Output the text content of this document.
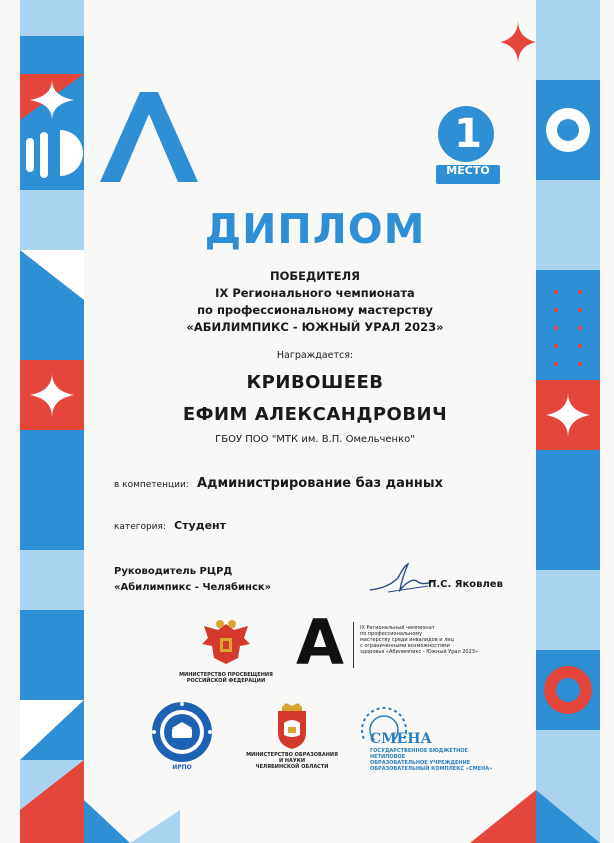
1
МЕСТО
ДИПЛОМ
ПОБЕДИТЕЛЯ
IX Регионального чемпионата
по профессиональному мастерству
«АБИЛИМПИКС - ЮЖНЫЙ УРАЛ 2023»
Награждается:
КРИВОШЕЕВ
ЕФИМ АЛЕКСАНДРОВИЧ
ГБОУ ПОО "МТК им. В.П. Омельченко"
в компетенции: Администрирование баз данных
категория: Студент
Руководитель РЦРД
«Абилимпикс - Челябинск»	П.С. Яковлев
МИНИСТЕРСТВО ПРОСВЕЩЕНИЯ
РОССИЙСКОЙ ФЕДЕРАЦИИ
A	IX Региональный чемпионат
по профессиональному
мастерству среди инвалидов и лиц
с ограниченными возможностями
здоровья «Абилимпикс - Южный Урал 2023»
ИРПО
МИНИСТЕРСТВО ОБРАЗОВАНИЯ И НАУКИ
ЧЕЛЯБИНСКОЙ ОБЛАСТИ
СМЕНА
ГОСУДАРСТВЕННОЕ БЮДЖЕТНОЕ НЕТИПОВОЕ
ОБРАЗОВАТЕЛЬНОЕ УЧРЕЖДЕНИЕ
ОБРАЗОВАТЕЛЬНЫЙ КОМПЛЕКС «СМЕНА»
